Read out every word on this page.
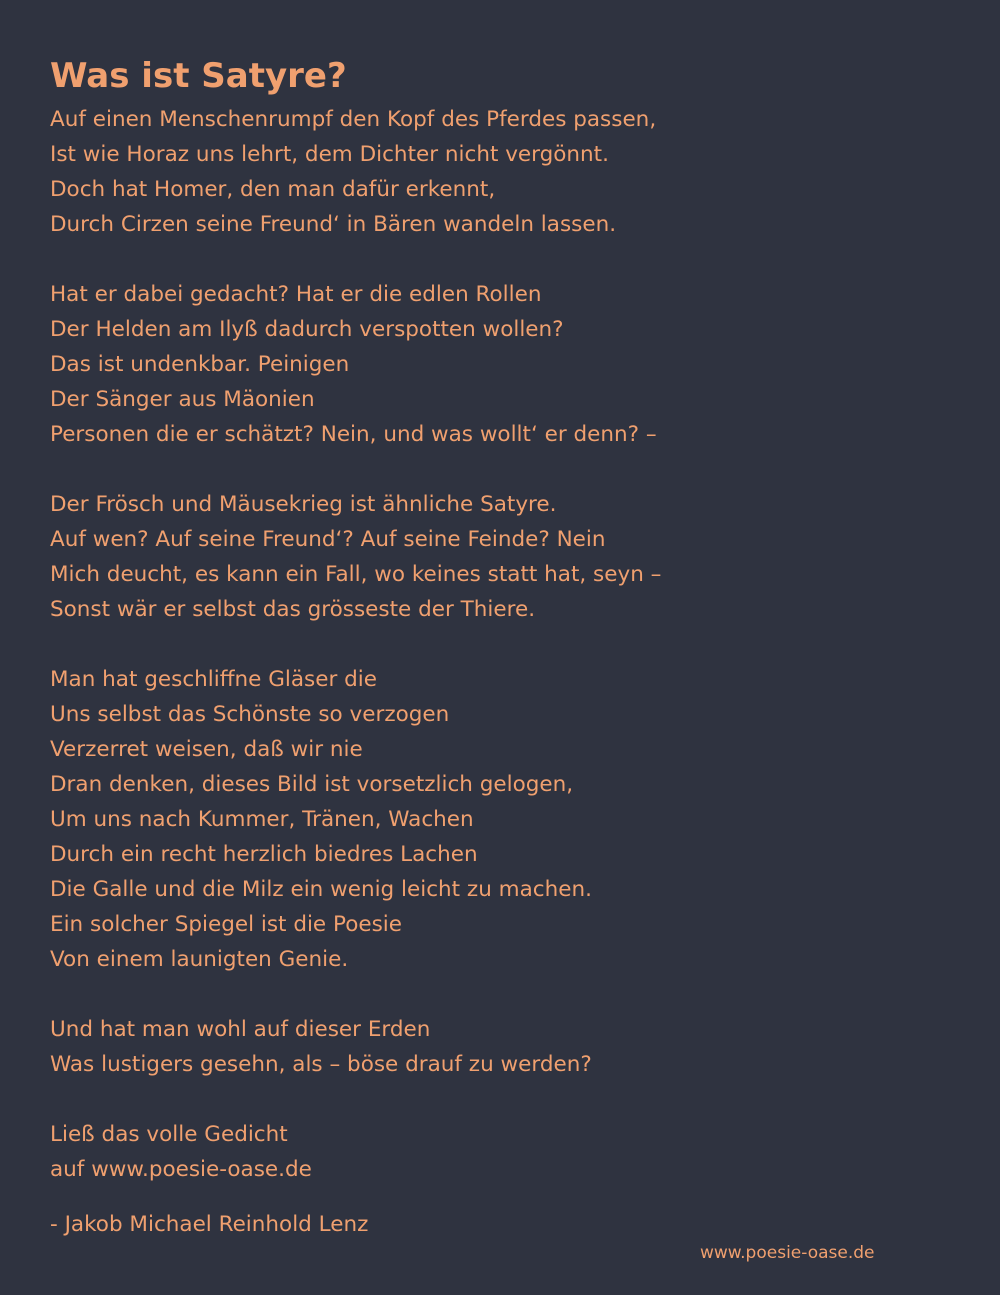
Was ist Satyre?
Auf einen Menschenrumpf den Kopf des Pferdes passen,
Ist wie Horaz uns lehrt, dem Dichter nicht vergönnt.
Doch hat Homer, den man dafür erkennt,
Durch Cirzen seine Freund‘ in Bären wandeln lassen.
Hat er dabei gedacht? Hat er die edlen Rollen
Der Helden am Ilyß dadurch verspotten wollen?
Das ist undenkbar. Peinigen
Der Sänger aus Mäonien
Personen die er schätzt? Nein, und was wollt‘ er denn? –
Der Frösch und Mäusekrieg ist ähnliche Satyre.
Auf wen? Auf seine Freund‘? Auf seine Feinde? Nein
Mich deucht, es kann ein Fall, wo keines statt hat, seyn –
Sonst wär er selbst das grösseste der Thiere.
Man hat geschliffne Gläser die
Uns selbst das Schönste so verzogen
Verzerret weisen, daß wir nie
Dran denken, dieses Bild ist vorsetzlich gelogen,
Um uns nach Kummer, Tränen, Wachen
Durch ein recht herzlich biedres Lachen
Die Galle und die Milz ein wenig leicht zu machen.
Ein solcher Spiegel ist die Poesie
Von einem launigten Genie.
Und hat man wohl auf dieser Erden
Was lustigers gesehn, als – böse drauf zu werden?
Ließ das volle Gedicht
auf www.poesie-oase.de
- Jakob Michael Reinhold Lenz
www.poesie-oase.de
